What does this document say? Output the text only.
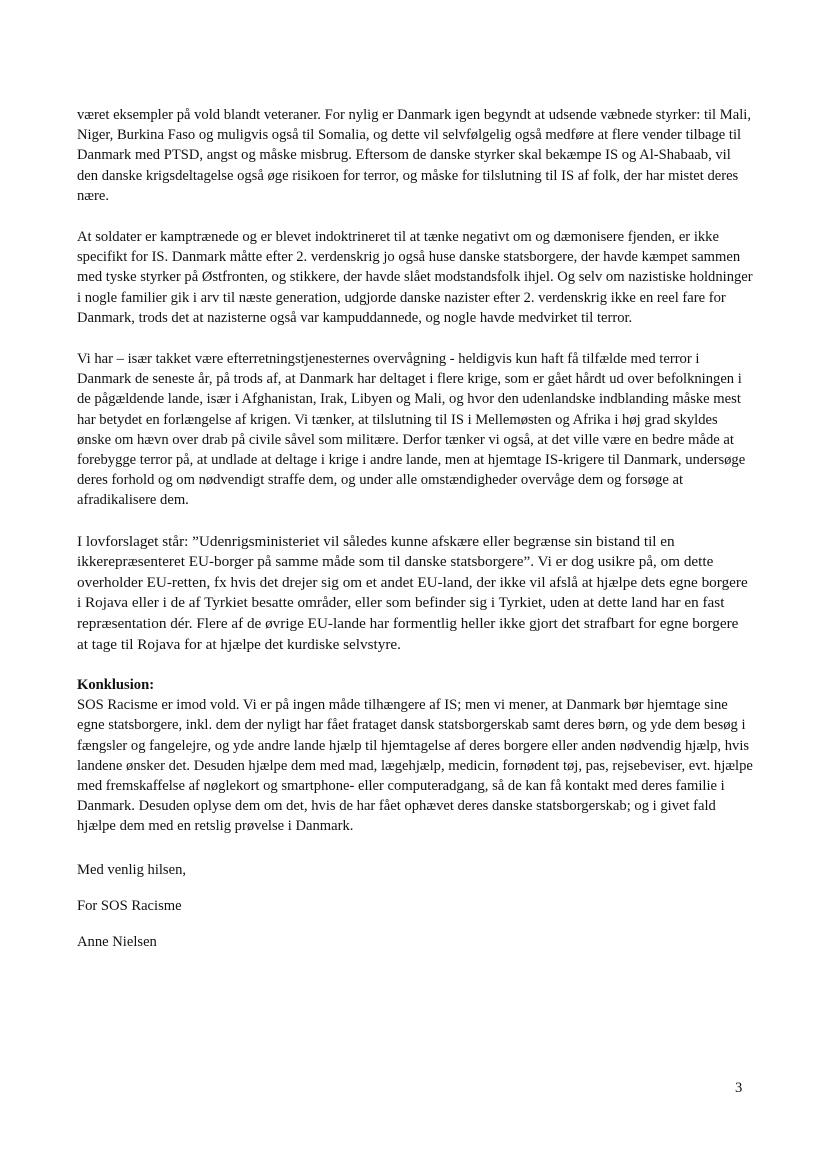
været eksempler på vold blandt veteraner. For nylig er Danmark igen begyndt at udsende væbnede styrker: til Mali, Niger, Burkina Faso og muligvis også til Somalia, og dette vil selvfølgelig også medføre at flere vender tilbage til Danmark med PTSD, angst og måske misbrug. Eftersom de danske styrker skal bekæmpe IS og Al-Shabaab, vil den danske krigsdeltagelse også øge risikoen for terror, og måske for tilslutning til IS af folk, der har mistet deres nære.

At soldater er kamptrænede og er blevet indoktrineret til at tænke negativt om og dæmonisere fjenden, er ikke specifikt for IS. Danmark måtte efter 2. verdenskrig jo også huse danske statsborgere, der havde kæmpet sammen med tyske styrker på Østfronten, og stikkere, der havde slået modstandsfolk ihjel. Og selv om nazistiske holdninger i nogle familier gik i arv til næste generation, udgjorde danske nazister efter 2. verdenskrig ikke en reel fare for Danmark, trods det at nazisterne også var kampuddannede, og nogle havde medvirket til terror.

Vi har – især takket være efterretningstjenesternes overvågning - heldigvis kun haft få tilfælde med terror i Danmark de seneste år, på trods af, at Danmark har deltaget i flere krige, som er gået hårdt ud over befolkningen i de pågældende lande, især i Afghanistan, Irak, Libyen og Mali, og hvor den udenlandske indblanding måske mest har betydet en forlængelse af krigen. Vi tænker, at tilslutning til IS i Mellemøsten og Afrika i høj grad skyldes ønske om hævn over drab på civile såvel som militære. Derfor tænker vi også, at det ville være en bedre måde at forebygge terror på, at undlade at deltage i krige i andre lande, men at hjemtage IS-krigere til Danmark, undersøge deres forhold og om nødvendigt straffe dem, og under alle omstændigheder overvåge dem og forsøge at afradikalisere dem.

I lovforslaget står: ”Udenrigsministeriet vil således kunne afskære eller begrænse sin bistand til en ikkerepræsenteret EU-borger på samme måde som til danske statsborgere”. Vi er dog usikre på, om dette overholder EU-retten, fx hvis det drejer sig om et andet EU-land, der ikke vil afslå at hjælpe dets egne borgere i Rojava eller i de af Tyrkiet besatte områder, eller som befinder sig i Tyrkiet, uden at dette land har en fast repræsentation dér. Flere af de øvrige EU-lande har formentlig heller ikke gjort det strafbart for egne borgere at tage til Rojava for at hjælpe det kurdiske selvstyre.

Konklusion:

SOS Racisme er imod vold. Vi er på ingen måde tilhængere af IS; men vi mener, at Danmark bør hjemtage sine egne statsborgere, inkl. dem der nyligt har fået frataget dansk statsborgerskab samt deres børn, og yde dem besøg i fængsler og fangelejre, og yde andre lande hjælp til hjemtagelse af deres borgere eller anden nødvendig hjælp, hvis landene ønsker det. Desuden hjælpe dem med mad, lægehjælp, medicin, fornødent tøj, pas, rejsebeviser, evt. hjælpe med fremskaffelse af nøglekort og smartphone- eller computeradgang, så de kan få kontakt med deres familie i Danmark. Desuden oplyse dem om det, hvis de har fået ophævet deres danske statsborgerskab; og i givet fald hjælpe dem med en retslig prøvelse i Danmark.

Med venlig hilsen,
For SOS Racisme
Anne Nielsen
3
